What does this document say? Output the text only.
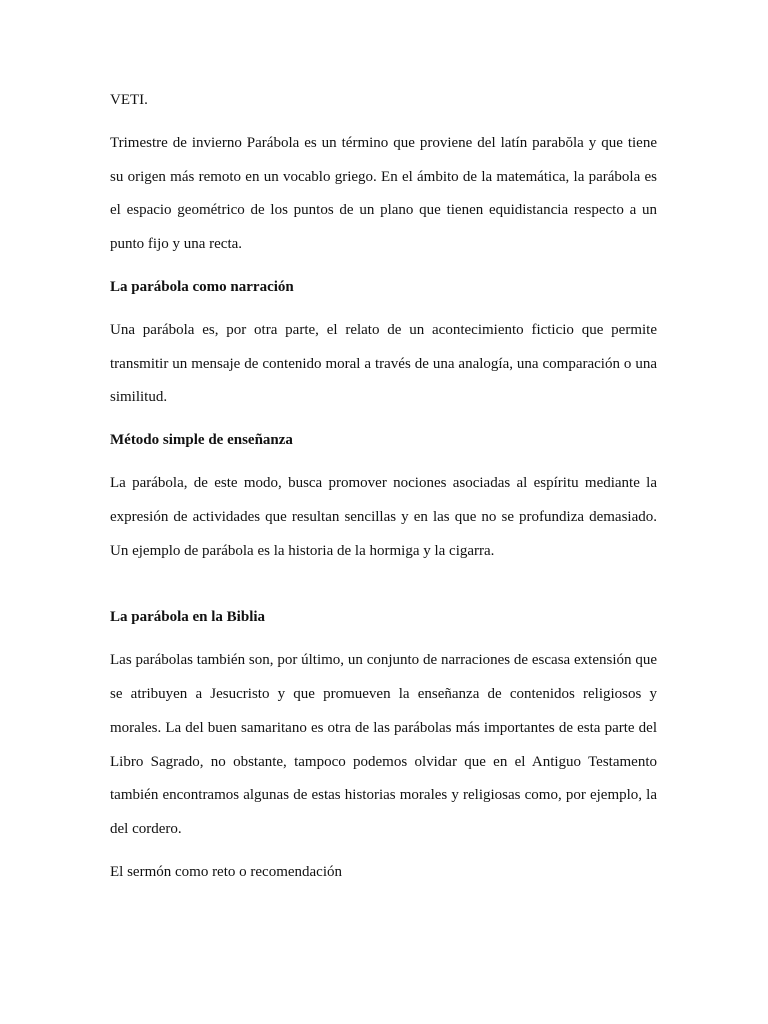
VETI.

Trimestre de invierno Parábola es un término que proviene del latín parabŏla y que tiene su origen más remoto en un vocablo griego. En el ámbito de la matemática, la parábola es el espacio geométrico de los puntos de un plano que tienen equidistancia respecto a un punto fijo y una recta.

La parábola como narración

Una parábola es, por otra parte, el relato de un acontecimiento ficticio que permite transmitir un mensaje de contenido moral a través de una analogía, una comparación o una similitud.

Método simple de enseñanza

La parábola, de este modo, busca promover nociones asociadas al espíritu mediante la expresión de actividades que resultan sencillas y en las que no se profundiza demasiado. Un ejemplo de parábola es la historia de la hormiga y la cigarra.

La parábola en la Biblia

Las parábolas también son, por último, un conjunto de narraciones de escasa extensión que se atribuyen a Jesucristo y que promueven la enseñanza de contenidos religiosos y morales. La del buen samaritano es otra de las parábolas más importantes de esta parte del Libro Sagrado, no obstante, tampoco podemos olvidar que en el Antiguo Testamento también encontramos algunas de estas historias morales y religiosas como, por ejemplo, la del cordero.

El sermón como reto o recomendación
